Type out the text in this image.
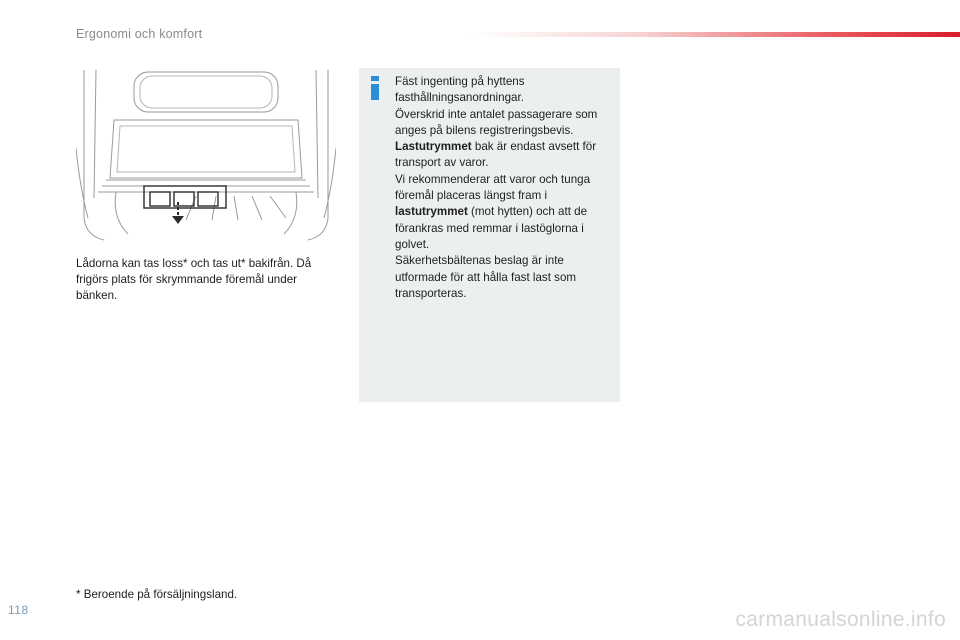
Ergonomi och komfort

Lådorna kan tas loss* och tas ut* bakifrån. Då frigörs plats för skrymmande föremål under bänken.

Fäst ingenting på hyttens fasthållningsanordningar.

Överskrid inte antalet passagerare som anges på bilens registreringsbevis.

Lastutrymmet bak är endast avsett för transport av varor.

Vi rekommenderar att varor och tunga föremål placeras längst fram i lastutrymmet (mot hytten) och att de förankras med remmar i lastöglorna i golvet.

Säkerhetsbältenas beslag är inte utformade för att hålla fast last som transporteras.

* Beroende på försäljningsland.

118	carmanualsonline.info
